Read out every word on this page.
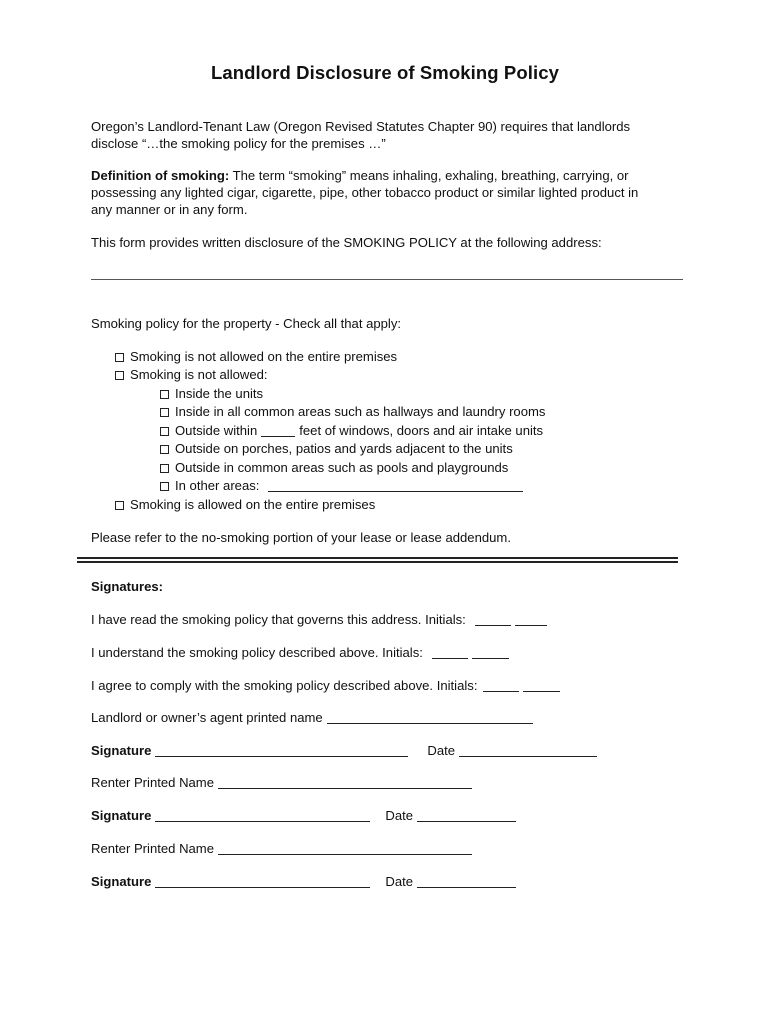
Landlord Disclosure of Smoking Policy
Oregon’s Landlord-Tenant Law (Oregon Revised Statutes Chapter 90) requires that landlords
disclose “…the smoking policy for the premises …”
Definition of smoking: The term “smoking” means inhaling, exhaling, breathing, carrying, or
possessing any lighted cigar, cigarette, pipe, other tobacco product or similar lighted product in
any manner or in any form.
This form provides written disclosure of the SMOKING POLICY at the following address:
Smoking policy for the property - Check all that apply:
Smoking is not allowed on the entire premises
Smoking is not allowed:
Inside the units
Inside in all common areas such as hallways and laundry rooms
Outside within	feet of windows, doors and air intake units
Outside on porches, patios and yards adjacent to the units
Outside in common areas such as pools and playgrounds
In other areas:
Smoking is allowed on the entire premises
Please refer to the no-smoking portion of your lease or lease addendum.
Signatures:
I have read the smoking policy that governs this address. Initials:
I understand the smoking policy described above. Initials:
I agree to comply with the smoking policy described above. Initials:
Landlord or owner’s agent printed name
Signature	Date
Renter Printed Name
Signature	Date
Renter Printed Name
Signature	Date
